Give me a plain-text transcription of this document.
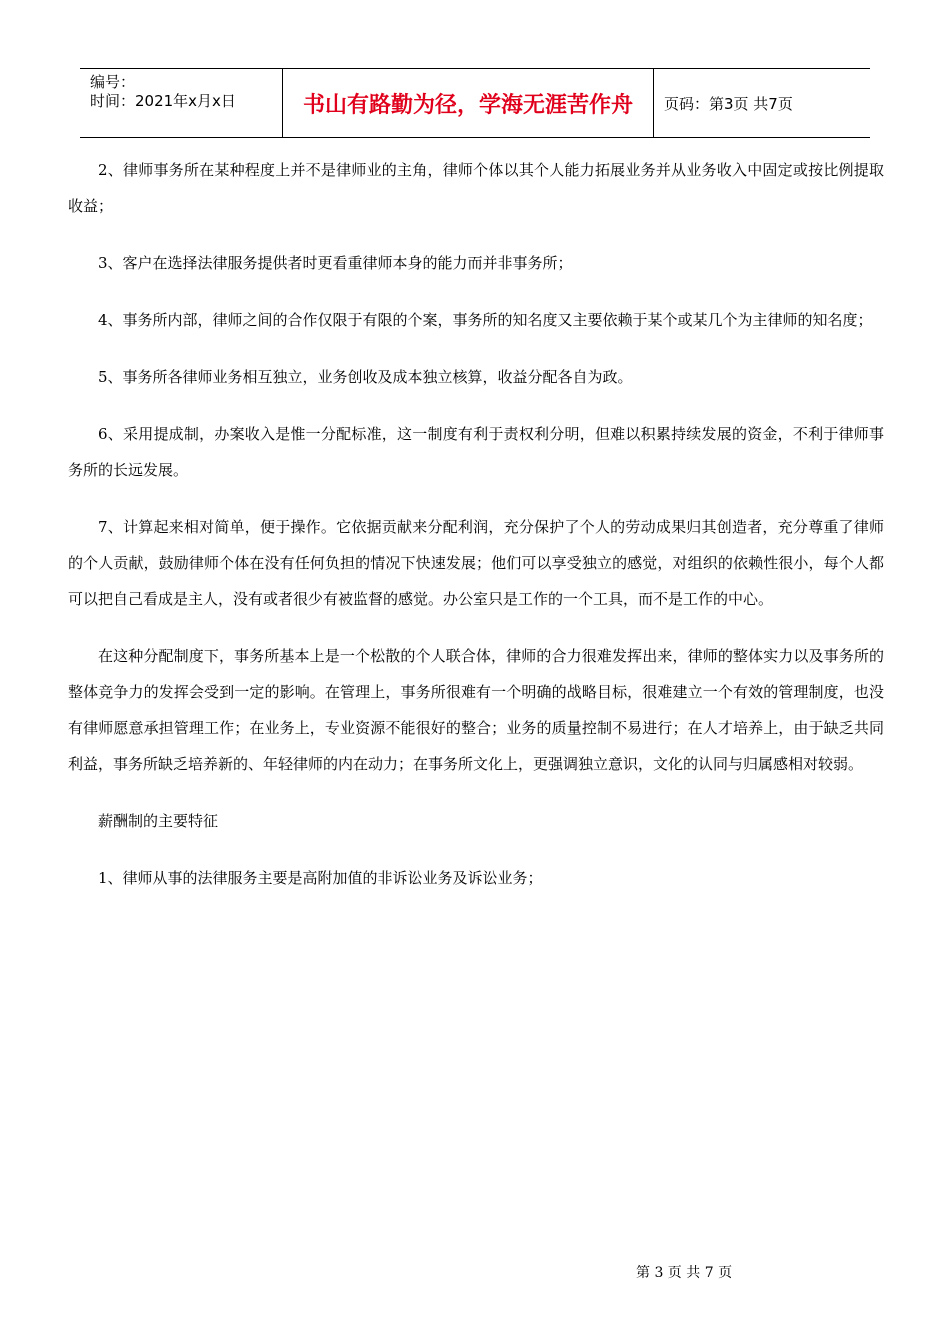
编号：
时间：2021年x月x日	书山有路勤为径，学海无涯苦作舟	页码：第3页 共7页

2、律师事务所在某种程度上并不是律师业的主角，律师个体以其个人能力拓展业务并从业务收入中固定或按比例提取收益；

3、客户在选择法律服务提供者时更看重律师本身的能力而并非事务所；

4、事务所内部，律师之间的合作仅限于有限的个案，事务所的知名度又主要依赖于某个或某几个为主律师的知名度；

5、事务所各律师业务相互独立，业务创收及成本独立核算，收益分配各自为政。

6、采用提成制，办案收入是惟一分配标准，这一制度有利于责权利分明，但难以积累持续发展的资金，不利于律师事务所的长远发展。

7、计算起来相对简单，便于操作。它依据贡献来分配利润，充分保护了个人的劳动成果归其创造者，充分尊重了律师的个人贡献，鼓励律师个体在没有任何负担的情况下快速发展；他们可以享受独立的感觉，对组织的依赖性很小，每个人都可以把自己看成是主人，没有或者很少有被监督的感觉。办公室只是工作的一个工具，而不是工作的中心。

在这种分配制度下，事务所基本上是一个松散的个人联合体，律师的合力很难发挥出来，律师的整体实力以及事务所的整体竞争力的发挥会受到一定的影响。在管理上，事务所很难有一个明确的战略目标，很难建立一个有效的管理制度，也没有律师愿意承担管理工作；在业务上，专业资源不能很好的整合；业务的质量控制不易进行；在人才培养上，由于缺乏共同利益，事务所缺乏培养新的、年轻律师的内在动力；在事务所文化上，更强调独立意识，文化的认同与归属感相对较弱。

薪酬制的主要特征

1、律师从事的法律服务主要是高附加值的非诉讼业务及诉讼业务；

第 3 页 共 7 页
